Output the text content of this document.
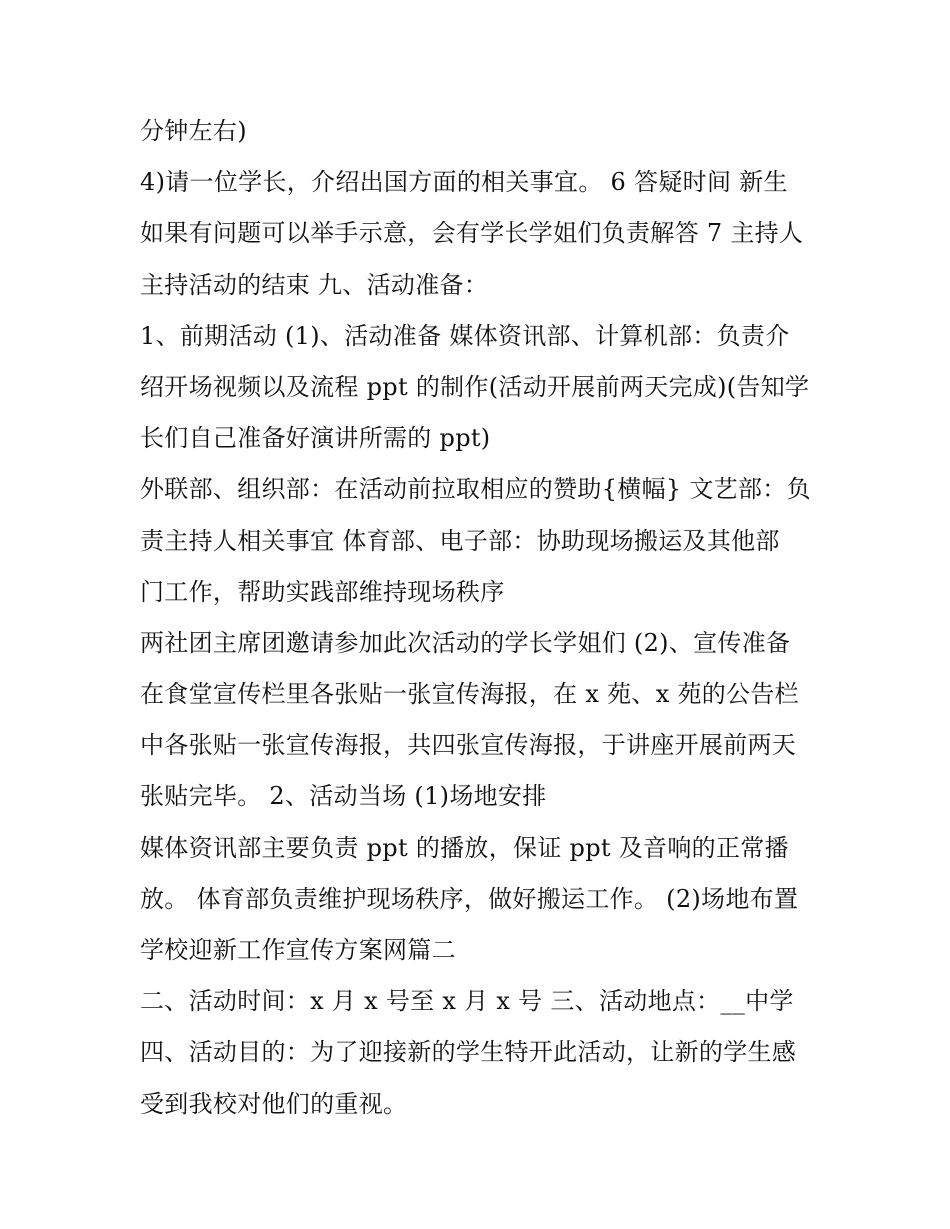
分钟左右)
4)请一位学长，介绍出国方面的相关事宜。 6 答疑时间 新生
如果有问题可以举手示意，会有学长学姐们负责解答 7 主持人
主持活动的结束 九、活动准备：
1、前期活动 (1)、活动准备 媒体资讯部、计算机部：负责介
绍开场视频以及流程 ppt 的制作(活动开展前两天完成)(告知学
长们自己准备好演讲所需的 ppt)
外联部、组织部：在活动前拉取相应的赞助{横幅} 文艺部：负
责主持人相关事宜 体育部、电子部：协助现场搬运及其他部
门工作，帮助实践部维持现场秩序
两社团主席团邀请参加此次活动的学长学姐们 (2)、宣传准备
在食堂宣传栏里各张贴一张宣传海报，在 x 苑、x 苑的公告栏
中各张贴一张宣传海报，共四张宣传海报，于讲座开展前两天
张贴完毕。 2、活动当场 (1)场地安排
媒体资讯部主要负责 ppt 的播放，保证 ppt 及音响的正常播
放。 体育部负责维护现场秩序，做好搬运工作。 (2)场地布置
学校迎新工作宣传方案网篇二
二、活动时间：x 月 x 号至 x 月 x 号 三、活动地点：__中学
四、活动目的：为了迎接新的学生特开此活动，让新的学生感
受到我校对他们的重视。
